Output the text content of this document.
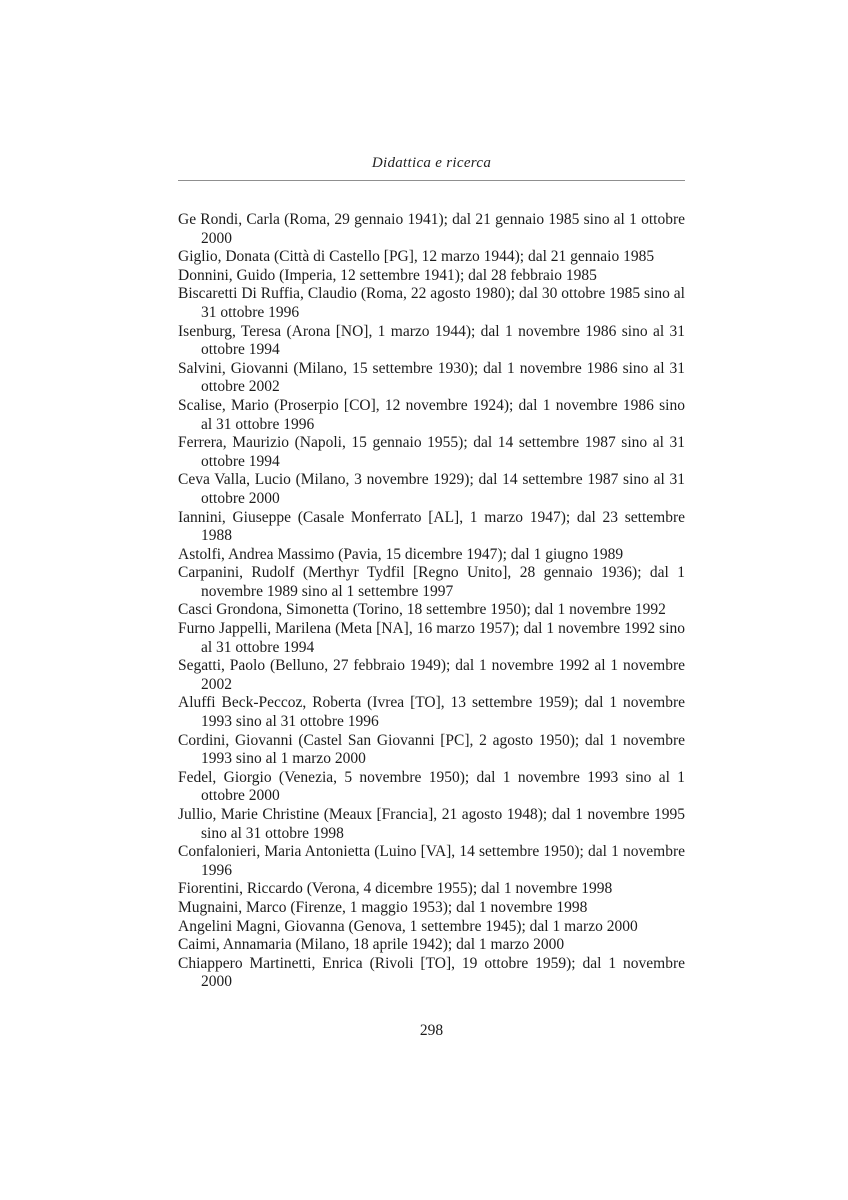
Didattica e ricerca

Ge Rondi, Carla (Roma, 29 gennaio 1941); dal 21 gennaio 1985 sino al 1 ottobre 2000

Giglio, Donata (Città di Castello [PG], 12 marzo 1944); dal 21 gennaio 1985

Donnini, Guido (Imperia, 12 settembre 1941); dal 28 febbraio 1985

Biscaretti Di Ruffia, Claudio (Roma, 22 agosto 1980); dal 30 ottobre 1985 sino al 31 ottobre 1996

Isenburg, Teresa (Arona [NO], 1 marzo 1944); dal 1 novembre 1986 sino al 31 ottobre 1994

Salvini, Giovanni (Milano, 15 settembre 1930); dal 1 novembre 1986 sino al 31 ottobre 2002

Scalise, Mario (Proserpio [CO], 12 novembre 1924); dal 1 novembre 1986 sino al 31 ottobre 1996

Ferrera, Maurizio (Napoli, 15 gennaio 1955); dal 14 settembre 1987 sino al 31 ottobre 1994

Ceva Valla, Lucio (Milano, 3 novembre 1929); dal 14 settembre 1987 sino al 31 ottobre 2000

Iannini, Giuseppe (Casale Monferrato [AL], 1 marzo 1947); dal 23 settembre 1988

Astolfi, Andrea Massimo (Pavia, 15 dicembre 1947); dal 1 giugno 1989

Carpanini, Rudolf (Merthyr Tydfil [Regno Unito], 28 gennaio 1936); dal 1 novembre 1989 sino al 1 settembre 1997

Casci Grondona, Simonetta (Torino, 18 settembre 1950); dal 1 novembre 1992

Furno Jappelli, Marilena (Meta [NA], 16 marzo 1957); dal 1 novembre 1992 sino al 31 ottobre 1994

Segatti, Paolo (Belluno, 27 febbraio 1949); dal 1 novembre 1992 al 1 novembre 2002

Aluffi Beck-Peccoz, Roberta (Ivrea [TO], 13 settembre 1959); dal 1 novembre 1993 sino al 31 ottobre 1996

Cordini, Giovanni (Castel San Giovanni [PC], 2 agosto 1950); dal 1 novembre 1993 sino al 1 marzo 2000

Fedel, Giorgio (Venezia, 5 novembre 1950); dal 1 novembre 1993 sino al 1 ottobre 2000

Jullio, Marie Christine (Meaux [Francia], 21 agosto 1948); dal 1 novembre 1995 sino al 31 ottobre 1998

Confalonieri, Maria Antonietta (Luino [VA], 14 settembre 1950); dal 1 novembre 1996

Fiorentini, Riccardo (Verona, 4 dicembre 1955); dal 1 novembre 1998

Mugnaini, Marco (Firenze, 1 maggio 1953); dal 1 novembre 1998

Angelini Magni, Giovanna (Genova, 1 settembre 1945); dal 1 marzo 2000

Caimi, Annamaria (Milano, 18 aprile 1942); dal 1 marzo 2000

Chiappero Martinetti, Enrica (Rivoli [TO], 19 ottobre 1959); dal 1 novembre 2000

298
